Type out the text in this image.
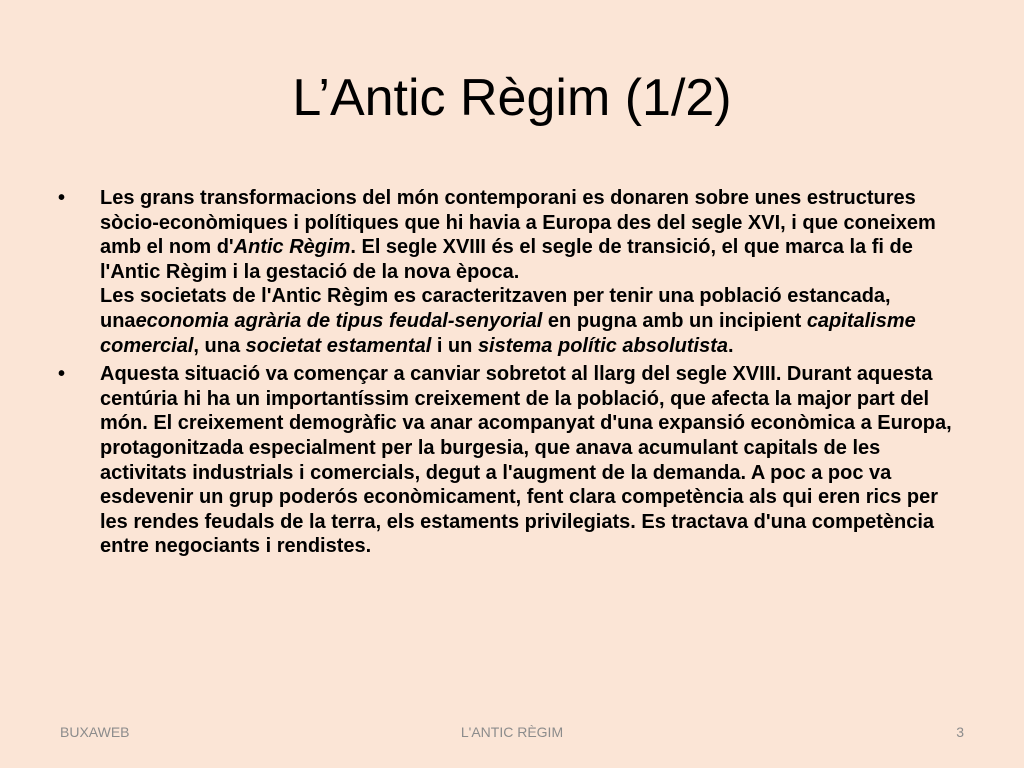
L’Antic Règim (1/2)
•	Les grans transformacions del món contemporani es donaren sobre unes estructures sòcio-econòmiques i polítiques que hi havia a Europa des del segle XVI, i que coneixem amb el nom d'Antic Règim. El segle XVIII és el segle de transició, el que marca la fi de l'Antic Règim i la gestació de la nova època.
Les societats de l'Antic Règim es caracteritzaven per tenir una població estancada, unaeconomia agrària de tipus feudal-senyorial en pugna amb un incipient capitalisme comercial, una societat estamental i un sistema polític absolutista.
•	Aquesta situació va començar a canviar sobretot al llarg del segle XVIII. Durant aquesta centúria hi ha un importantíssim creixement de la població, que afecta la major part del món. El creixement demogràfic va anar acompanyat d'una expansió econòmica a Europa, protagonitzada especialment per la burgesia, que anava acumulant capitals de les activitats industrials i comercials, degut a l'augment de la demanda. A poc a poc va esdevenir un grup poderós econòmicament, fent clara competència als qui eren rics per les rendes feudals de la terra, els estaments privilegiats. Es tractava d'una competència entre negociants i rendistes.
BUXAWEB	L'ANTIC RÈGIM	3
